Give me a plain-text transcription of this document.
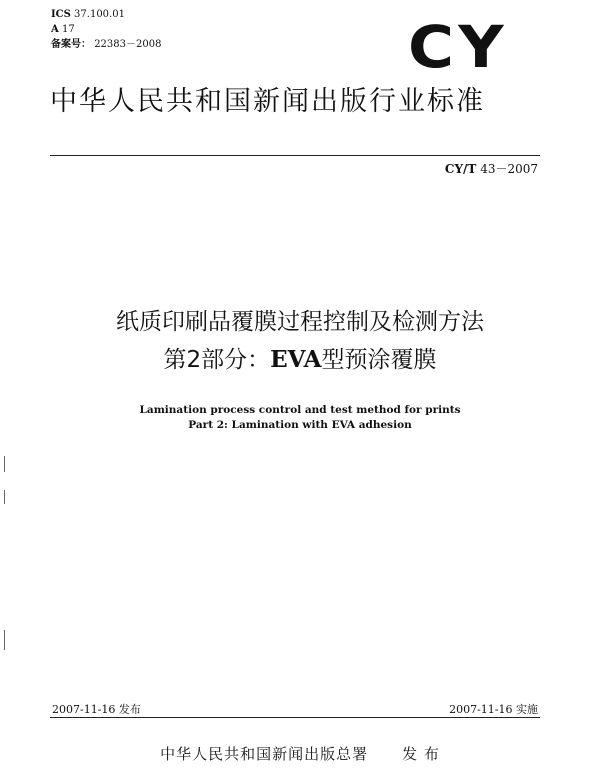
ICS 37.100.01
A 17
备案号： 22383－2008	CY
中华人民共和国新闻出版行业标准
CY/T 43－2007
纸质印刷品覆膜过程控制及检测方法
第2部分：EVA型预涂覆膜
Lamination process control and test method for prints
Part 2: Lamination with EVA adhesion
2007-11-16 发布	2007-11-16 实施
中华人民共和国新闻出版总署 发 布
